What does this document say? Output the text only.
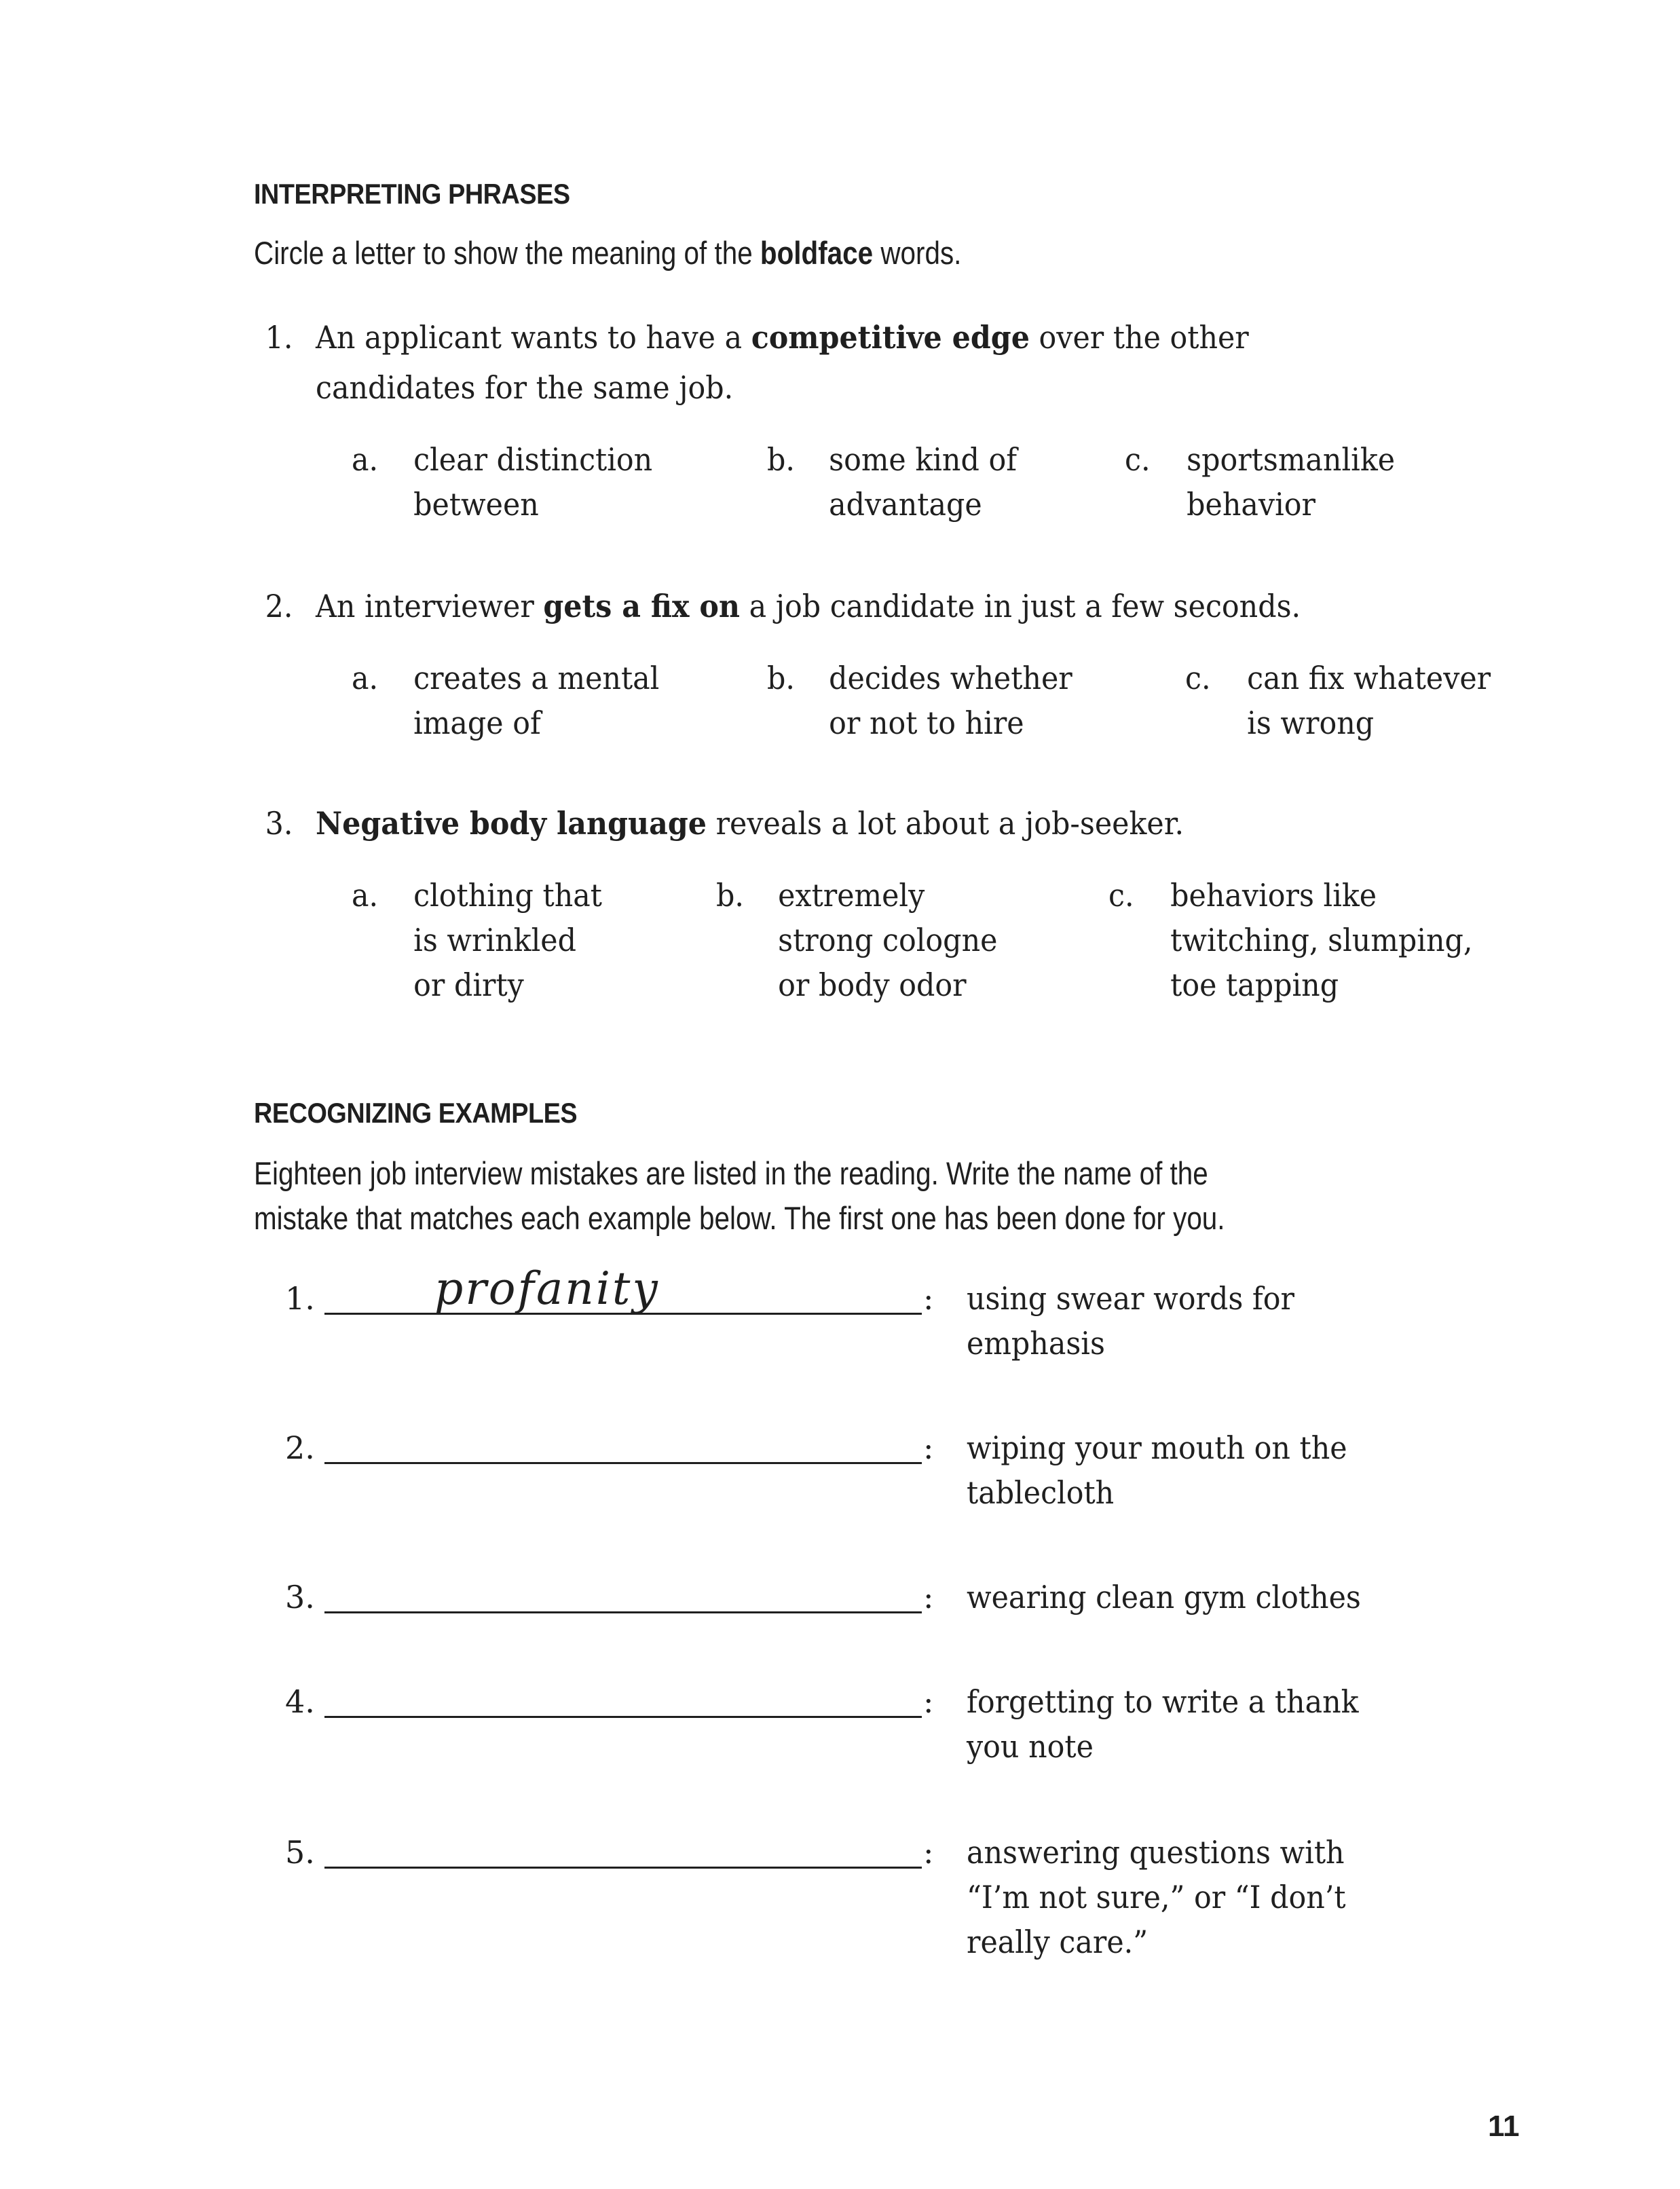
INTERPRETING PHRASES
Circle a letter to show the meaning of the boldface words.
1. An applicant wants to have a competitive edge over the other
candidates for the same job.
a. clear distinction
between
b. some kind of
advantage
c. sportsmanlike
behavior
2. An interviewer gets a fix on a job candidate in just a few seconds.
a. creates a mental
image of
b. decides whether
or not to hire
c. can fix whatever
is wrong
3. Negative body language reveals a lot about a job-seeker.
a. clothing that
is wrinkled
or dirty
b. extremely
strong cologne
or body odor
c. behaviors like
twitching, slumping,
toe tapping
RECOGNIZING EXAMPLES
Eighteen job interview mistakes are listed in the reading. Write the name of the
mistake that matches each example below. The first one has been done for you.
1.	profanity	: using swear words for
emphasis
2.	: wiping your mouth on the
tablecloth
3.	: wearing clean gym clothes
4.	: forgetting to write a thank
you note
5.	: answering questions with
“I’m not sure,” or “I don’t
really care.”
11
